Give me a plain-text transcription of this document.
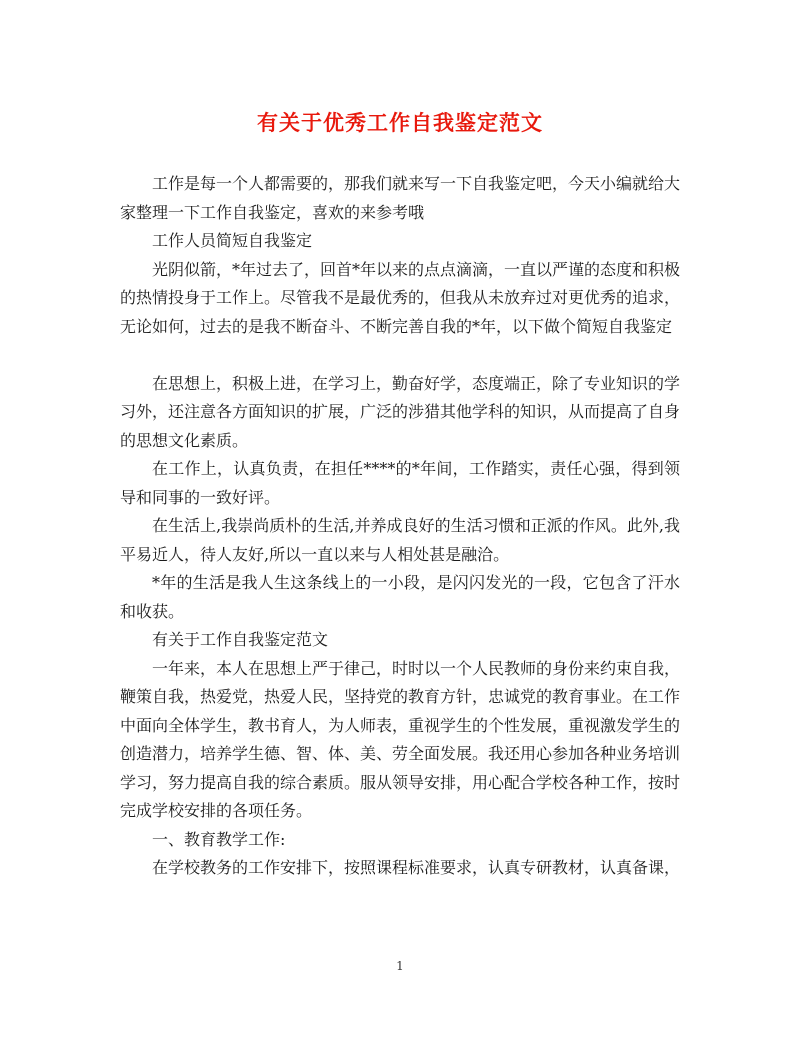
有关于优秀工作自我鉴定范文

工作是每一个人都需要的，那我们就来写一下自我鉴定吧，今天小编就给大家整理一下工作自我鉴定，喜欢的来参考哦

工作人员简短自我鉴定

光阴似箭，*年过去了，回首*年以来的点点滴滴，一直以严谨的态度和积极的热情投身于工作上。尽管我不是最优秀的，但我从未放弃过对更优秀的追求，无论如何，过去的是我不断奋斗、不断完善自我的*年，以下做个简短自我鉴定

在思想上，积极上进，在学习上，勤奋好学，态度端正，除了专业知识的学习外，还注意各方面知识的扩展，广泛的涉猎其他学科的知识，从而提高了自身的思想文化素质。

在工作上，认真负责，在担任****的*年间，工作踏实，责任心强，得到领导和同事的一致好评。

在生活上,我崇尚质朴的生活,并养成良好的生活习惯和正派的作风。此外,我平易近人，待人友好,所以一直以来与人相处甚是融洽。

*年的生活是我人生这条线上的一小段，是闪闪发光的一段，它包含了汗水和收获。

有关于工作自我鉴定范文

一年来，本人在思想上严于律己，时时以一个人民教师的身份来约束自我，鞭策自我，热爱党，热爱人民，坚持党的教育方针，忠诚党的教育事业。在工作中面向全体学生，教书育人，为人师表，重视学生的个性发展，重视激发学生的创造潜力，培养学生德、智、体、美、劳全面发展。我还用心参加各种业务培训学习，努力提高自我的综合素质。服从领导安排，用心配合学校各种工作，按时完成学校安排的各项任务。

一、教育教学工作:

在学校教务的工作安排下，按照课程标准要求，认真专研教材，认真备课，

1
